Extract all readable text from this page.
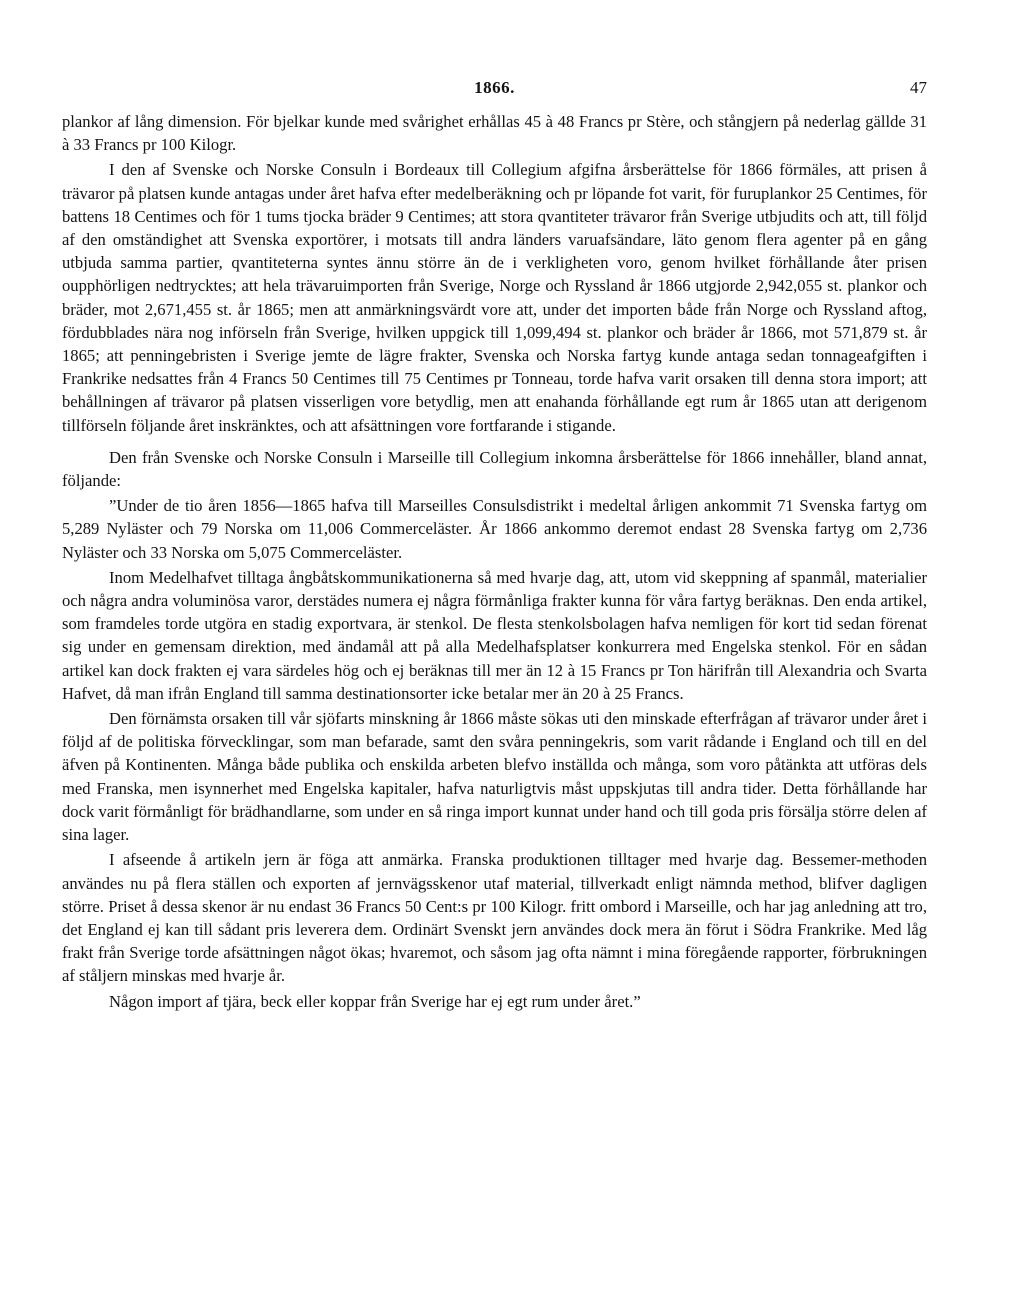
1866.	47

plankor af lång dimension. För bjelkar kunde med svårighet erhållas 45 à 48 Francs pr Stère, och stångjern på nederlag gällde 31 à 33 Francs pr 100 Kilogr.

I den af Svenske och Norske Consuln i Bordeaux till Collegium afgifna årsberättelse för 1866 förmäles, att prisen å trävaror på platsen kunde antagas under året hafva efter medelberäkning och pr löpande fot varit, för furuplankor 25 Centimes, för battens 18 Centimes och för 1 tums tjocka bräder 9 Centimes; att stora qvantiteter trävaror från Sverige utbjudits och att, till följd af den omständighet att Svenska exportörer, i motsats till andra länders varuafsändare, läto genom flera agenter på en gång utbjuda samma partier, qvantiteterna syntes ännu större än de i verkligheten voro, genom hvilket förhållande åter prisen oupphörligen nedtrycktes; att hela trävaruimporten från Sverige, Norge och Ryssland år 1866 utgjorde 2,942,055 st. plankor och bräder, mot 2,671,455 st. år 1865; men att anmärkningsvärdt vore att, under det importen både från Norge och Ryssland aftog, fördubblades nära nog införseln från Sverige, hvilken uppgick till 1,099,494 st. plankor och bräder år 1866, mot 571,879 st. år 1865; att penningebristen i Sverige jemte de lägre frakter, Svenska och Norska fartyg kunde antaga sedan tonnageafgiften i Frankrike nedsattes från 4 Francs 50 Centimes till 75 Centimes pr Tonneau, torde hafva varit orsaken till denna stora import; att behållningen af trävaror på platsen visserligen vore betydlig, men att enahanda förhållande egt rum år 1865 utan att derigenom tillförseln följande året inskränktes, och att afsättningen vore fortfarande i stigande.

Den från Svenske och Norske Consuln i Marseille till Collegium inkomna årsberättelse för 1866 innehåller, bland annat, följande:

”Under de tio åren 1856—1865 hafva till Marseilles Consulsdistrikt i medeltal årligen ankommit 71 Svenska fartyg om 5,289 Nyläster och 79 Norska om 11,006 Commerceläster. År 1866 ankommo deremot endast 28 Svenska fartyg om 2,736 Nyläster och 33 Norska om 5,075 Commerceläster.

Inom Medelhafvet tilltaga ångbåtskommunikationerna så med hvarje dag, att, utom vid skeppning af spanmål, materialier och några andra voluminösa varor, derstädes numera ej några förmånliga frakter kunna för våra fartyg beräknas. Den enda artikel, som framdeles torde utgöra en stadig exportvara, är stenkol. De flesta stenkolsbolagen hafva nemligen för kort tid sedan förenat sig under en gemensam direktion, med ändamål att på alla Medelhafsplatser konkurrera med Engelska stenkol. För en sådan artikel kan dock frakten ej vara särdeles hög och ej beräknas till mer än 12 à 15 Francs pr Ton härifrån till Alexandria och Svarta Hafvet, då man ifrån England till samma destinationsorter icke betalar mer än 20 à 25 Francs.

Den förnämsta orsaken till vår sjöfarts minskning år 1866 måste sökas uti den minskade efterfrågan af trävaror under året i följd af de politiska förvecklingar, som man befarade, samt den svåra penningekris, som varit rådande i England och till en del äfven på Kontinenten. Många både publika och enskilda arbeten blefvo inställda och många, som voro påtänkta att utföras dels med Franska, men isynnerhet med Engelska kapitaler, hafva naturligtvis måst uppskjutas till andra tider. Detta förhållande har dock varit förmånligt för brädhandlarne, som under en så ringa import kunnat under hand och till goda pris försälja större delen af sina lager.

I afseende å artikeln jern är föga att anmärka. Franska produktionen tilltager med hvarje dag. Bessemer-methoden användes nu på flera ställen och exporten af jernvägsskenor utaf material, tillverkadt enligt nämnda method, blifver dagligen större. Priset å dessa skenor är nu endast 36 Francs 50 Cent:s pr 100 Kilogr. fritt ombord i Marseille, och har jag anledning att tro, det England ej kan till sådant pris leverera dem. Ordinärt Svenskt jern användes dock mera än förut i Södra Frankrike. Med låg frakt från Sverige torde afsättningen något ökas; hvaremot, och såsom jag ofta nämnt i mina föregående rapporter, förbrukningen af ståljern minskas med hvarje år.

Någon import af tjära, beck eller koppar från Sverige har ej egt rum under året.”
